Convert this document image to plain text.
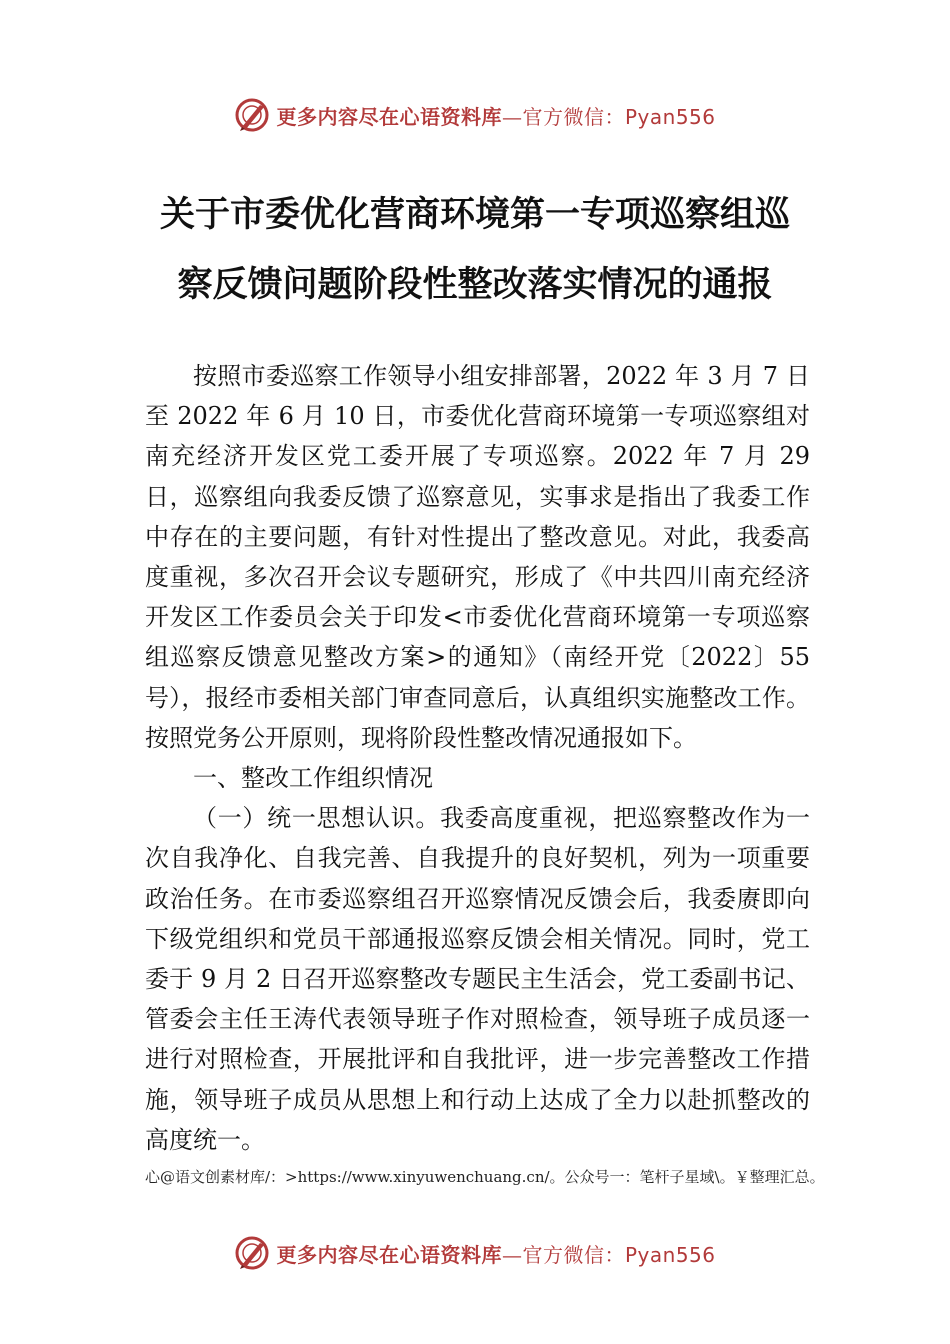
更多内容尽在心语资料库—官方微信：Pyan556
关于市委优化营商环境第一专项巡察组巡
察反馈问题阶段性整改落实情况的通报

按照市委巡察工作领导小组安排部署，2022 年 3 月 7 日至 2022 年 6 月 10 日，市委优化营商环境第一专项巡察组对南充经济开发区党工委开展了专项巡察。2022 年 7 月 29 日，巡察组向我委反馈了巡察意见，实事求是指出了我委工作中存在的主要问题，有针对性提出了整改意见。对此，我委高度重视，多次召开会议专题研究，形成了《中共四川南充经济开发区工作委员会关于印发<市委优化营商环境第一专项巡察组巡察反馈意见整改方案>的通知》（南经开党〔2022〕55 号），报经市委相关部门审查同意后，认真组织实施整改工作。按照党务公开原则，现将阶段性整改情况通报如下。

一、整改工作组织情况

（一）统一思想认识。我委高度重视，把巡察整改作为一次自我净化、自我完善、自我提升的良好契机，列为一项重要政治任务。在市委巡察组召开巡察情况反馈会后，我委赓即向下级党组织和党员干部通报巡察反馈会相关情况。同时，党工委于 9 月 2 日召开巡察整改专题民主生活会，党工委副书记、管委会主任王涛代表领导班子作对照检查，领导班子成员逐一进行对照检查，开展批评和自我批评，进一步完善整改工作措施，领导班子成员从思想上和行动上达成了全力以赴抓整改的高度统一。

心@语文创素材库/：>https://www.xinyuwenchuang.cn/。公众号一：笔杆子星域\。￥整理汇总。
更多内容尽在心语资料库—官方微信：Pyan556
